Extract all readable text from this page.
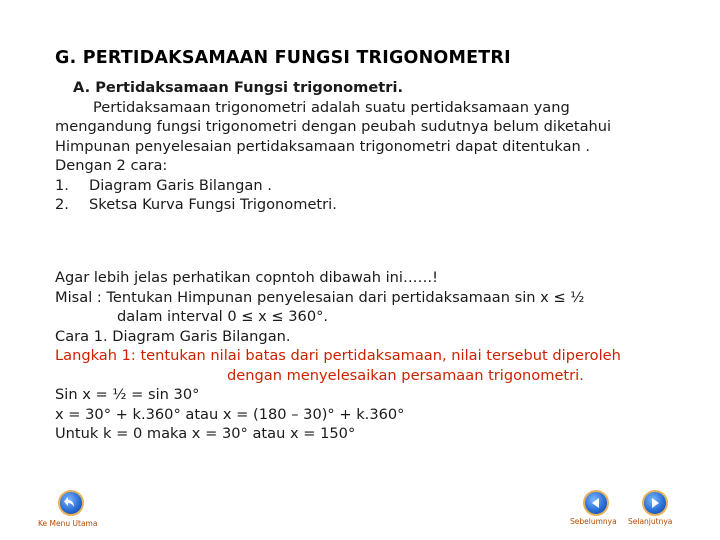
G. PERTIDAKSAMAAN FUNGSI TRIGONOMETRI
A. Pertidaksamaan Fungsi trigonometri.
Pertidaksamaan trigonometri adalah suatu pertidaksamaan yang
mengandung fungsi trigonometri dengan peubah sudutnya belum diketahui
Himpunan penyelesaian pertidaksamaan trigonometri dapat ditentukan .
Dengan 2 cara:
1. Diagram Garis Bilangan .
2. Sketsa Kurva Fungsi Trigonometri.
Agar lebih jelas perhatikan copntoh dibawah ini……!
Misal : Tentukan Himpunan penyelesaian dari pertidaksamaan sin x ≤ ½
dalam interval 0 ≤ x ≤ 360°.
Cara 1. Diagram Garis Bilangan.
Langkah 1: tentukan nilai batas dari pertidaksamaan, nilai tersebut diperoleh
dengan menyelesaikan persamaan trigonometri.
Sin x = ½ = sin 30°
x = 30° + k.360° atau x = (180 – 30)° + k.360°
Untuk k = 0 maka x = 30° atau x = 150°
Ke Menu Utama	Sebelumnya Selanjutnya
